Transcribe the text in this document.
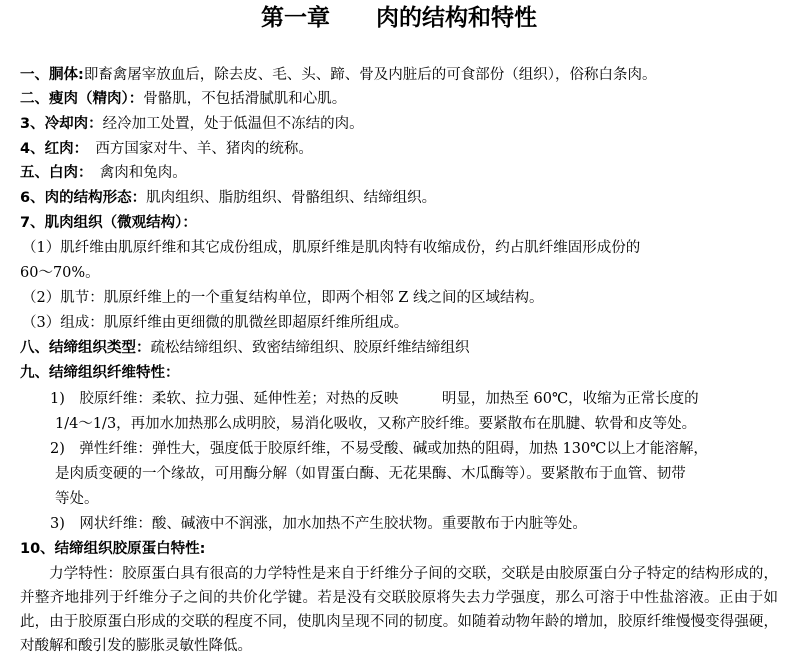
第一章　　肉的结构和特性
一、胴体:即畜禽屠宰放血后，除去皮、毛、头、蹄、骨及内脏后的可食部份（组织），俗称白条肉。
二、瘦肉（精肉）：骨骼肌，不包括滑腻肌和心肌。
3、冷却肉：经冷加工处置，处于低温但不冻结的肉。
4、红肉：　西方国家对牛、羊、猪肉的统称。
五、白肉：　禽肉和兔肉。
6、肉的结构形态：肌肉组织、脂肪组织、骨骼组织、结缔组织。
7、肌肉组织（微观结构）：
（1）肌纤维由肌原纤维和其它成份组成，肌原纤维是肌肉特有收缩成份，约占肌纤维固形成份的
60～70%。
（2）肌节：肌原纤维上的一个重复结构单位，即两个相邻 Z 线之间的区域结构。
（3）组成：肌原纤维由更细微的肌微丝即超原纤维所组成。
八、结缔组织类型：疏松结缔组织、致密结缔组织、胶原纤维结缔组织
九、结缔组织纤维特性：
1)　胶原纤维：柔软、拉力强、延伸性差；对热的反映　　　明显，加热至 60℃，收缩为正常长度的
1/4～1/3，再加水加热那么成明胶，易消化吸收，又称产胶纤维。要紧散布在肌腱、软骨和皮等处。
2)　弹性纤维：弹性大，强度低于胶原纤维，不易受酸、碱或加热的阻碍，加热 130℃以上才能溶解，
是肉质变硬的一个缘故，可用酶分解（如胃蛋白酶、无花果酶、木瓜酶等）。要紧散布于血管、韧带
等处。
3)　网状纤维：酸、碱液中不润涨，加水加热不产生胶状物。重要散布于内脏等处。
10、结缔组织胶原蛋白特性:
　　力学特性：胶原蛋白具有很高的力学特性是来自于纤维分子间的交联，交联是由胶原蛋白分子特定的结构形成的，并整齐地排列于纤维分子之间的共价化学键。若是没有交联胶原将失去力学强度，那么可溶于中性盐溶液。正由于如此，由于胶原蛋白形成的交联的程度不同，使肌肉呈现不同的韧度。如随着动物年龄的增加，胶原纤维慢慢变得强硬，对酸解和酸引发的膨胀灵敏性降低。
